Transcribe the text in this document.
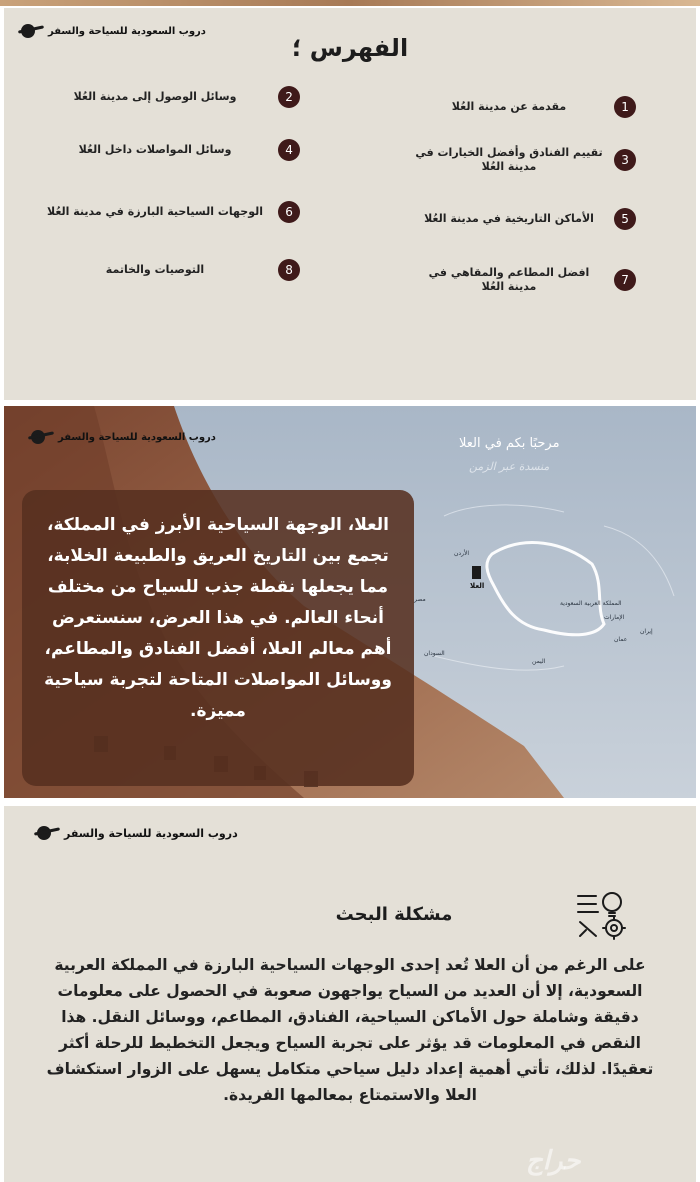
دروب السعودية للسياحة والسفر
الفهرس ؛
1
مقدمة عن مدينة العُلا
3
تقييم الفنادق وأفضل الخيارات في مدينة العُلا
5
الأماكن التاريخية في مدينة العُلا
7
افضل المطاعم والمقاهي في مدينة العُلا
2
وسائل الوصول إلى مدينة العُلا
4
وسائل المواصلات داخل العُلا
6
الوجهات السياحية البارزة في مدينة العُلا
8
التوصيات والخاتمة
دروب السعودية للسياحة والسفر	مرحبًا بكم في العلا
منسدة عبر الزمن
العلا
المملكة العربية السعودية
الأردن
مصر
الإمارات
عمان
اليمن
إيران
السودان
العلا، الوجهة السياحية الأبرز في المملكة، تجمع بين التاريخ العريق والطبيعة الخلابة، مما يجعلها نقطة جذب للسياح من مختلف أنحاء العالم. في هذا العرض، سنستعرض أهم معالم العلا، أفضل الفنادق والمطاعم، ووسائل المواصلات المتاحة لتجربة سياحية مميزة.
دروب السعودية للسياحة والسفر
مشكلة البحث
على الرغم من أن العلا تُعد إحدى الوجهات السياحية البارزة في المملكة العربية السعودية، إلا أن العديد من السياح يواجهون صعوبة في الحصول على معلومات دقيقة وشاملة حول الأماكن السياحية، الفنادق، المطاعم، ووسائل النقل. هذا النقص في المعلومات قد يؤثر على تجربة السياح ويجعل التخطيط للرحلة أكثر تعقيدًا. لذلك، تأتي أهمية إعداد دليل سياحي متكامل يسهل على الزوار استكشاف العلا والاستمتاع بمعالمها الفريدة.
حراج
